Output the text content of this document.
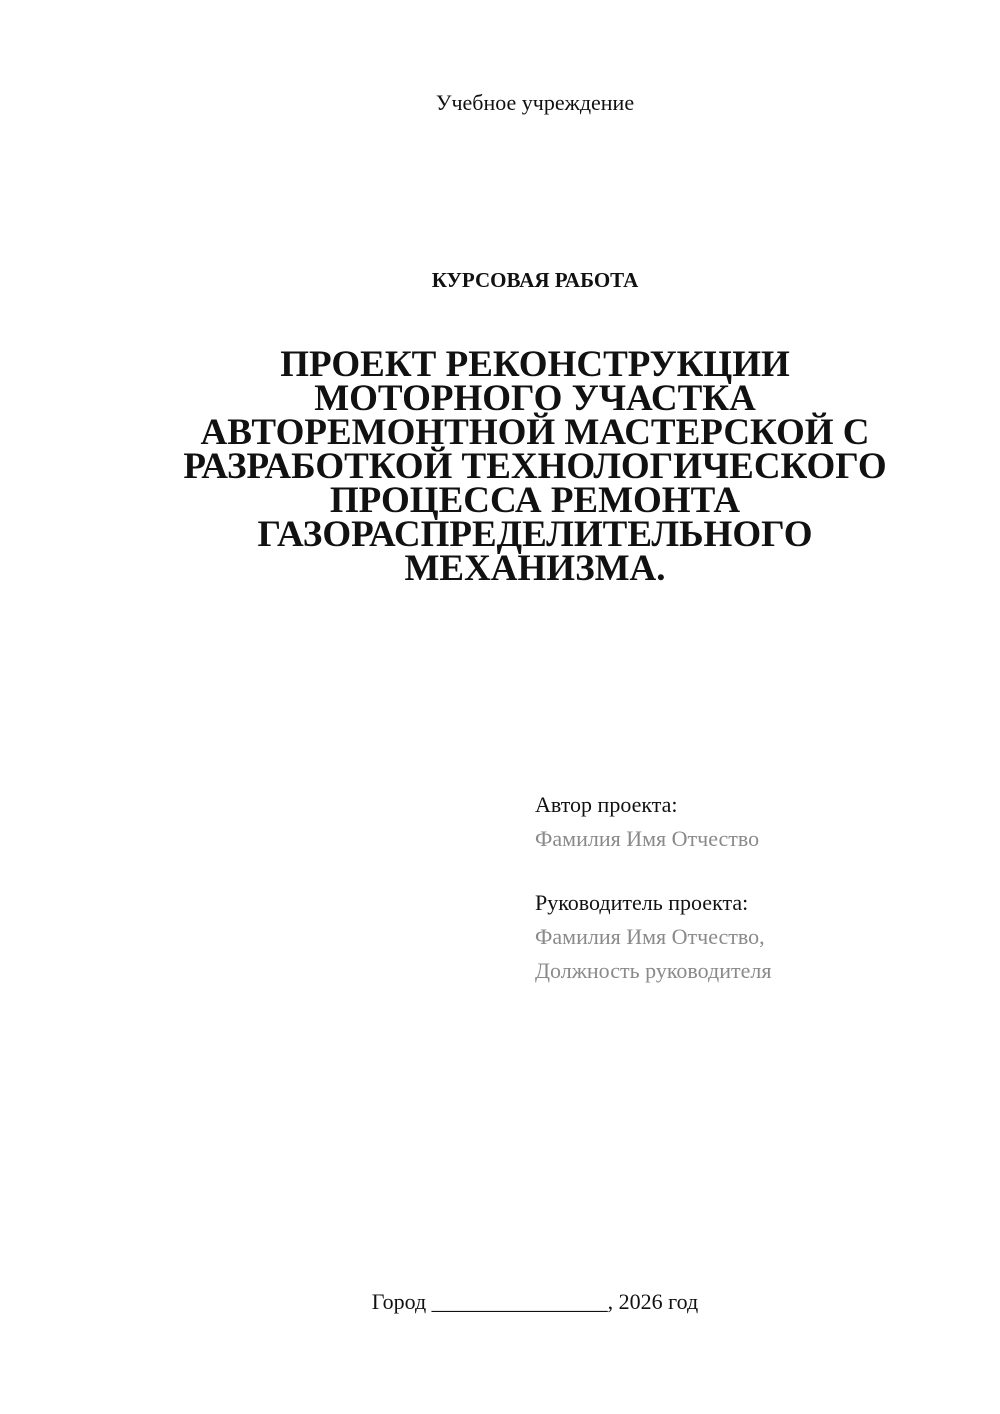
Учебное учреждение
КУРСОВАЯ РАБОТА
ПРОЕКТ РЕКОНСТРУКЦИИ
МОТОРНОГО УЧАСТКА
АВТОРЕМОНТНОЙ МАСТЕРСКОЙ С
РАЗРАБОТКОЙ ТЕХНОЛОГИЧЕСКОГО
ПРОЦЕССА РЕМОНТА
ГАЗОРАСПРЕДЕЛИТЕЛЬНОГО
МЕХАНИЗМА.
Автор проекта:
Фамилия Имя Отчество
Руководитель проекта:
Фамилия Имя Отчество,
Должность руководителя
Город ________________, 2026 год
